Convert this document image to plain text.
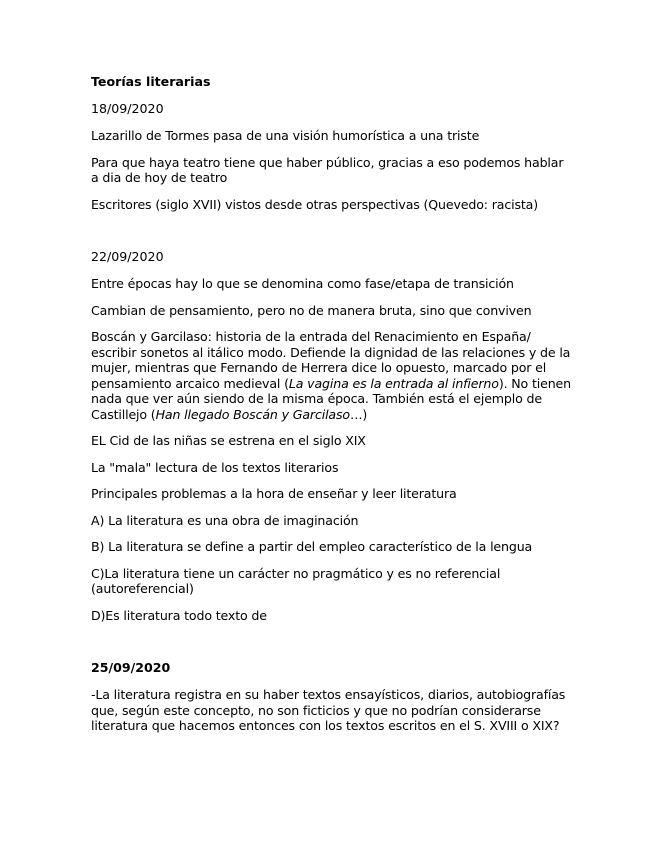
Teorías literarias
18/09/2020

Lazarillo de Tormes pasa de una visión humorística a una triste

Para que haya teatro tiene que haber público, gracias a eso podemos hablar a dia de hoy de teatro

Escritores (siglo XVII) vistos desde otras perspectivas (Quevedo: racista)

22/09/2020

Entre épocas hay lo que se denomina como fase/etapa de transición

Cambian de pensamiento, pero no de manera bruta, sino que conviven

Boscán y Garcilaso: historia de la entrada del Renacimiento en España/ escribir sonetos al itálico modo. Defiende la dignidad de las relaciones y de la mujer, mientras que Fernando de Herrera dice lo opuesto, marcado por el pensamiento arcaico medieval (La vagina es la entrada al infierno). No tienen nada que ver aún siendo de la misma época. También está el ejemplo de Castillejo (Han llegado Boscán y Garcilaso…)

EL Cid de las niñas se estrena en el siglo XIX

La "mala" lectura de los textos literarios

Principales problemas a la hora de enseñar y leer literatura

A) La literatura es una obra de imaginación

B) La literatura se define a partir del empleo característico de la lengua

C)La literatura tiene un carácter no pragmático y es no referencial (autoreferencial)

D)Es literatura todo texto de

25/09/2020

-La literatura registra en su haber textos ensayísticos, diarios, autobiografías que, según este concepto, no son ficticios y que no podrían considerarse literatura que hacemos entonces con los textos escritos en el S. XVIII o XIX?
